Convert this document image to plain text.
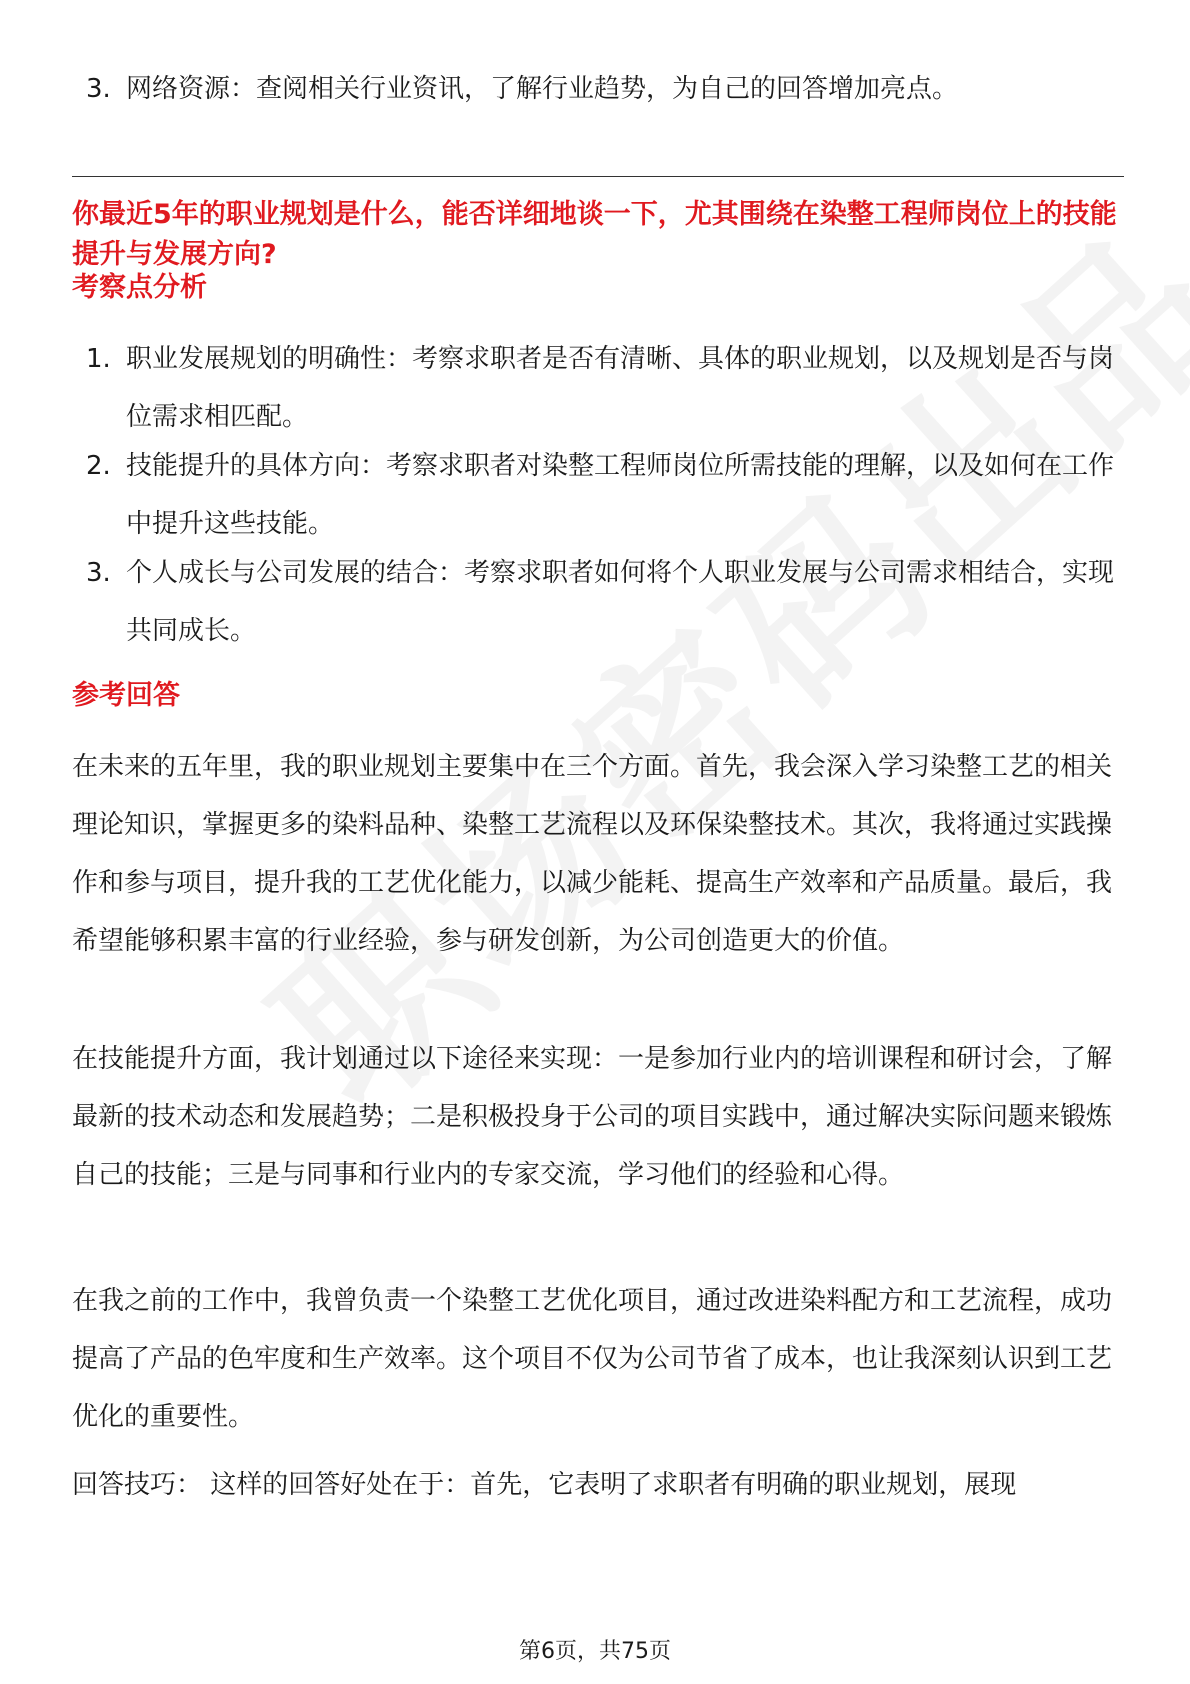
3. 网络资源：查阅相关行业资讯，了解行业趋势，为自己的回答增加亮点。
你最近5年的职业规划是什么，能否详细地谈一下，尤其围绕在染整工程师岗位上的技能提升与发展方向?
考察点分析
1. 职业发展规划的明确性：考察求职者是否有清晰、具体的职业规划，以及规划是否与岗位需求相匹配。
2. 技能提升的具体方向：考察求职者对染整工程师岗位所需技能的理解，以及如何在工作中提升这些技能。
3. 个人成长与公司发展的结合：考察求职者如何将个人职业发展与公司需求相结合，实现共同成长。
参考回答
在未来的五年里，我的职业规划主要集中在三个方面。首先，我会深入学习染整工艺的相关理论知识，掌握更多的染料品种、染整工艺流程以及环保染整技术。其次，我将通过实践操作和参与项目，提升我的工艺优化能力，以减少能耗、提高生产效率和产品质量。最后，我希望能够积累丰富的行业经验，参与研发创新，为公司创造更大的价值。
在技能提升方面，我计划通过以下途径来实现：一是参加行业内的培训课程和研讨会，了解最新的技术动态和发展趋势；二是积极投身于公司的项目实践中，通过解决实际问题来锻炼自己的技能；三是与同事和行业内的专家交流，学习他们的经验和心得。
在我之前的工作中，我曾负责一个染整工艺优化项目，通过改进染料配方和工艺流程，成功提高了产品的色牢度和生产效率。这个项目不仅为公司节省了成本，也让我深刻认识到工艺优化的重要性。
回答技巧： 这样的回答好处在于：首先，它表明了求职者有明确的职业规划，展现
第6页，共75页
